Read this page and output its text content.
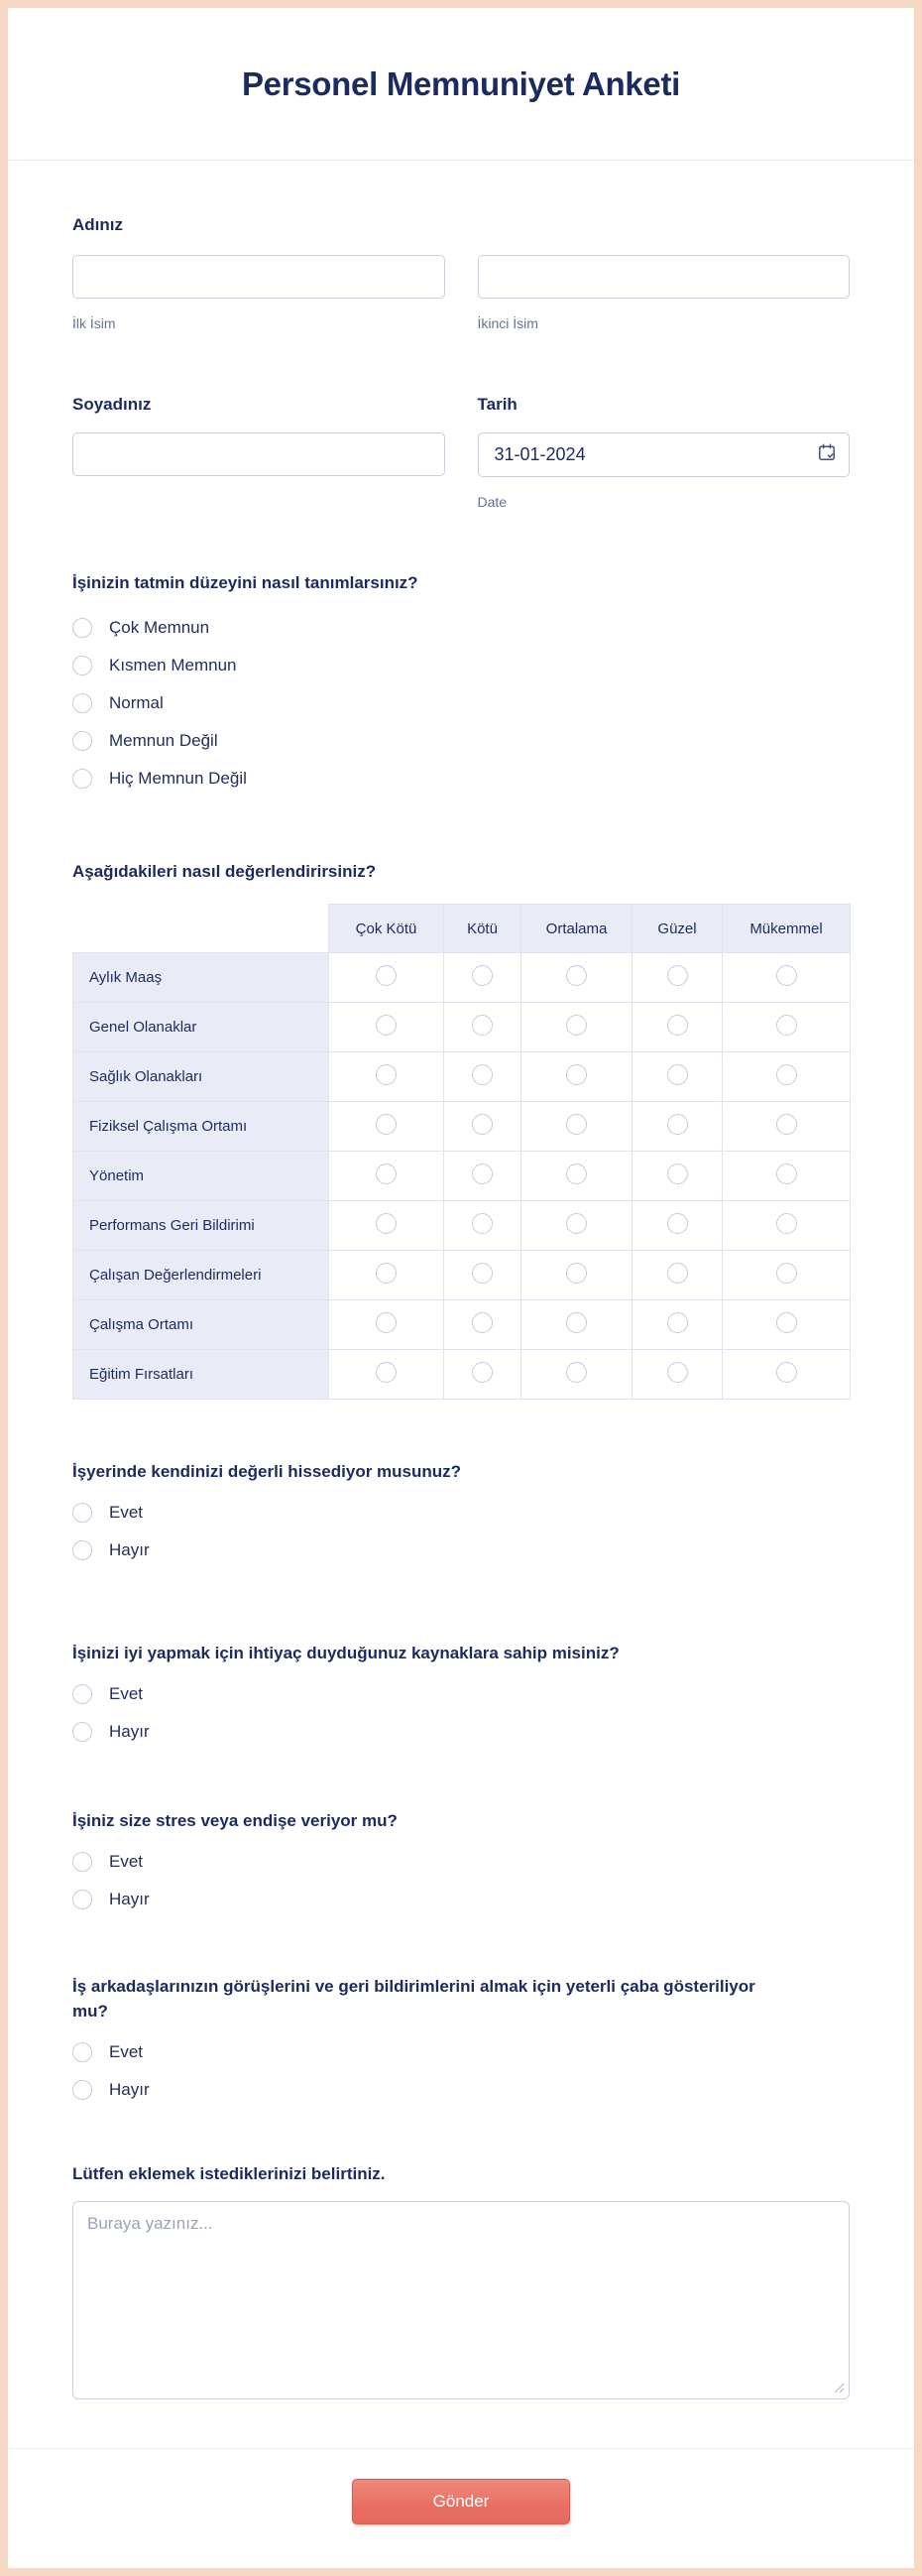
Personel Memnuniyet Anketi
Adınız
İlk İsim	İkinci İsim
Soyadınız	Tarih
31-01-2024
Date
İşinizin tatmin düzeyini nasıl tanımlarsınız?
Çok Memnun
Kısmen Memnun
Normal
Memnun Değil
Hiç Memnun Değil
Aşağıdakileri nasıl değerlendirirsiniz?
	Çok Kötü	Kötü	Ortalama	Güzel	Mükemmel
Aylık Maaş					
Genel Olanaklar					
Sağlık Olanakları					
Fiziksel Çalışma Ortamı					
Yönetim					
Performans Geri Bildirimi					
Çalışan Değerlendirmeleri					
Çalışma Ortamı					
Eğitim Fırsatları					
İşyerinde kendinizi değerli hissediyor musunuz?
Evet
Hayır
İşinizi iyi yapmak için ihtiyaç duyduğunuz kaynaklara sahip misiniz?
Evet
Hayır
İşiniz size stres veya endişe veriyor mu?
Evet
Hayır
İş arkadaşlarınızın görüşlerini ve geri bildirimlerini almak için yeterli çaba gösteriliyor mu?
Evet
Hayır
Lütfen eklemek istediklerinizi belirtiniz.
Buraya yazınız...
Gönder
